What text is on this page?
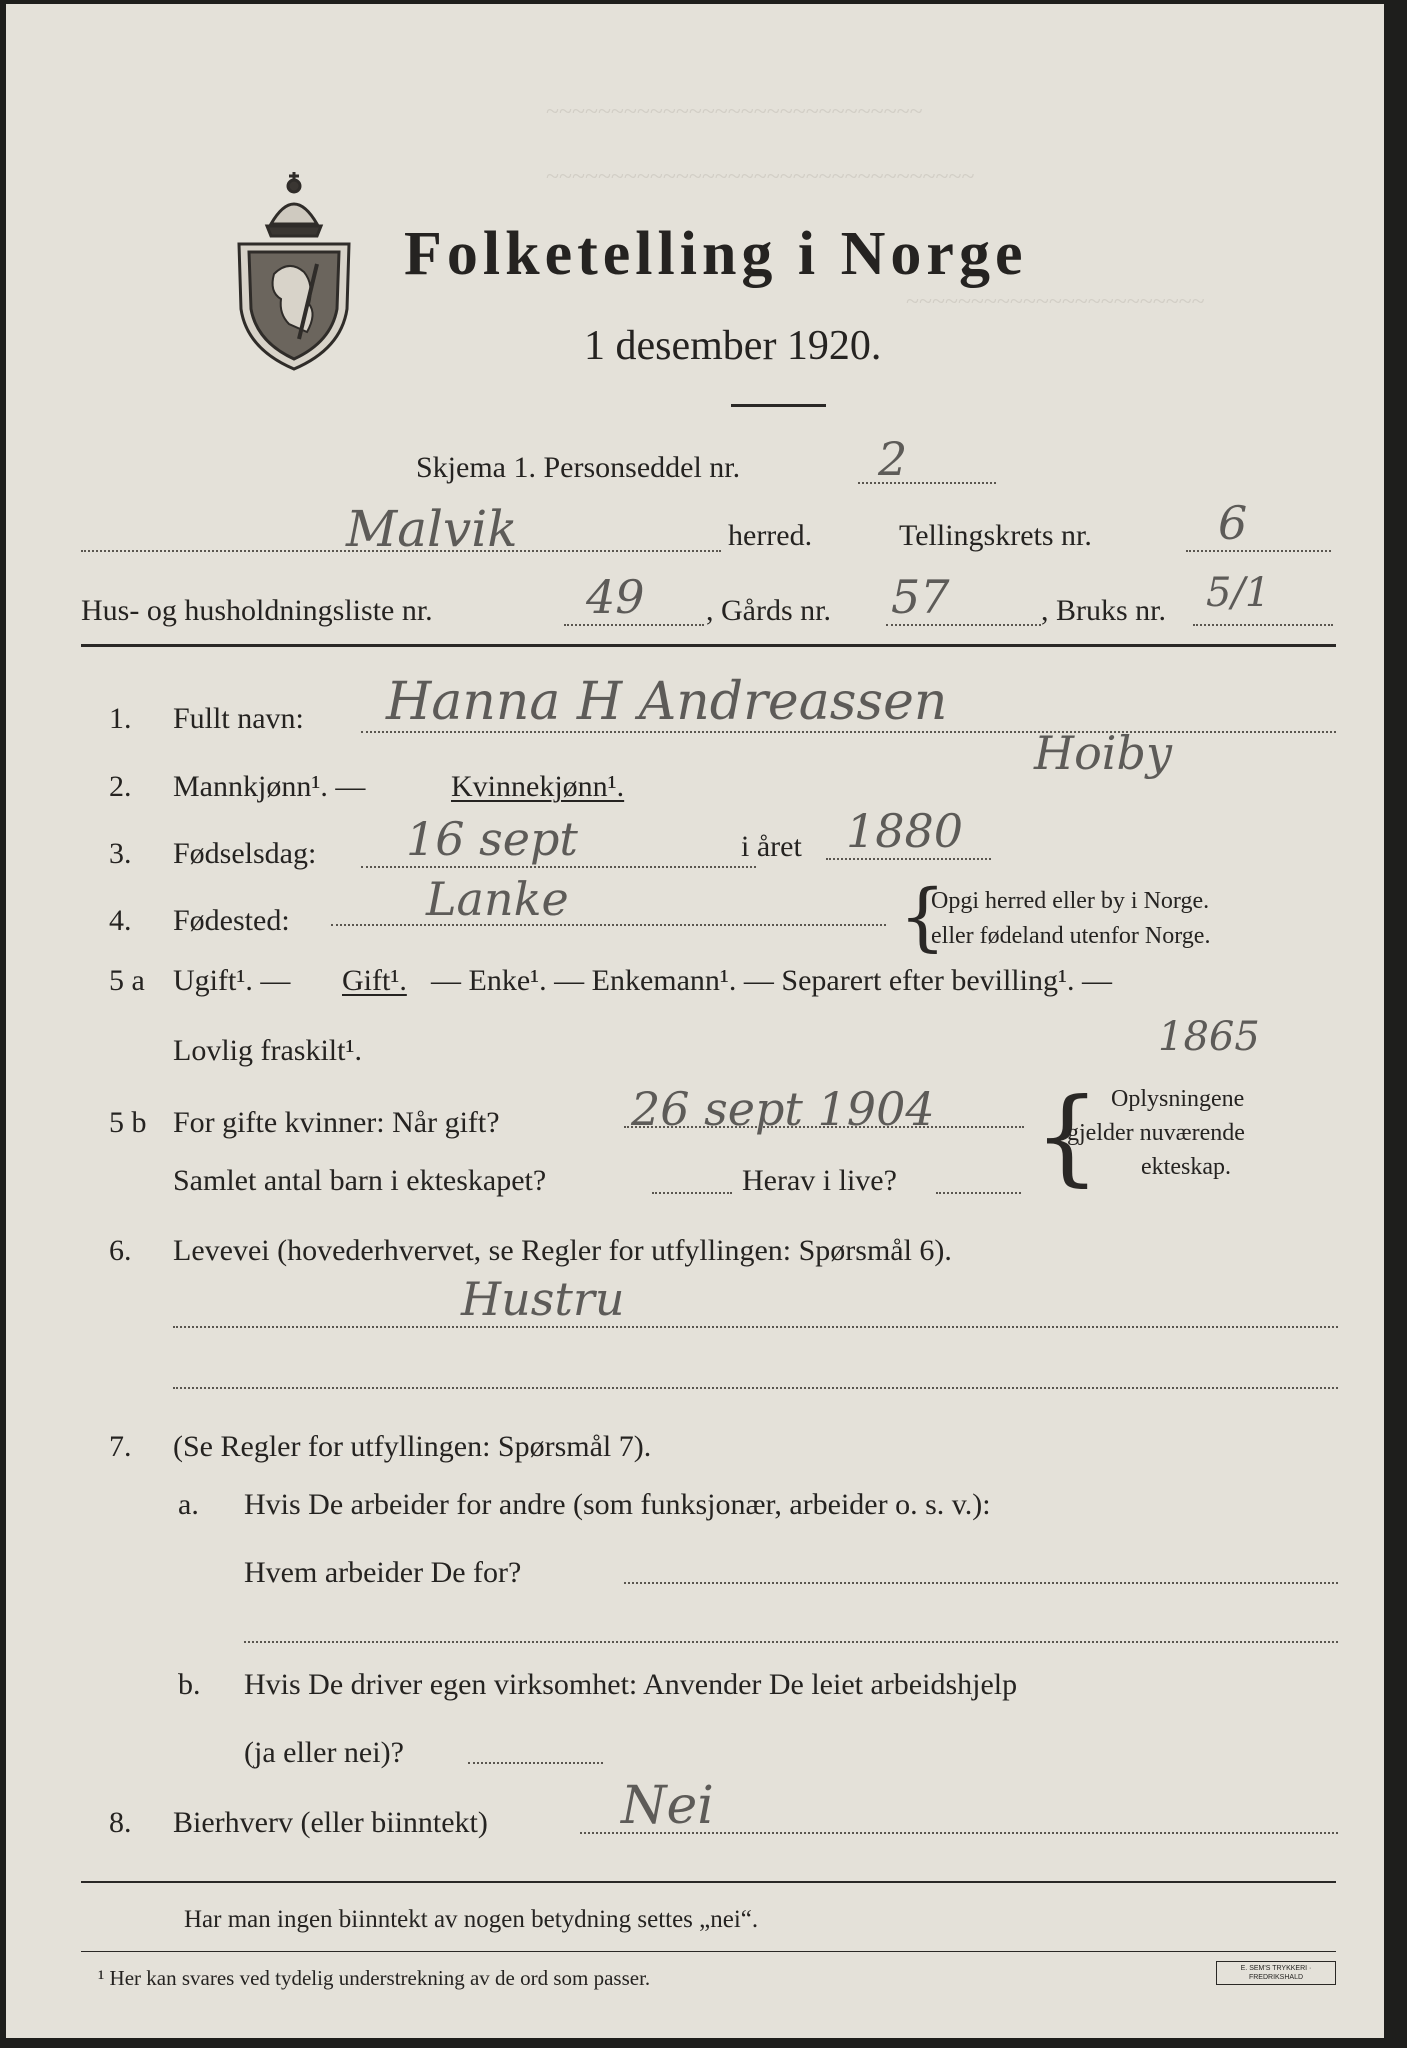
~~~~~~~~~~~~~~~~~~~~~~~~~~~~~
~~~~~~~~~~~~~~~~~~~~~~~~~~~~~~~~~
~~~~~~~~~~~~~~~~~~~~~~~
Folketelling i Norge
1 desember 1920.
Skjema 1. Personseddel nr.	2
Malvik	herred.	Tellingskrets nr.	6
Hus- og husholdningsliste nr.	49 , Gårds nr. 57	, Bruks nr. 5/1
1. Fullt navn: Hanna H Andreassen
Hoiby
2. Mannkjønn¹. —	Kvinnekjønn¹.
3. Fødselsdag: 16 sept	i året 1880
4. Fødested:	Lanke	{
Opgi herred eller by i Norge.
eller fødeland utenfor Norge.
5 a Ugift¹. — Gift¹. — Enke¹. — Enkemann¹. — Separert efter bevilling¹. —
Lovlig fraskilt¹.	1865
5 b For gifte kvinner: Når gift?	26 sept 1904 { Oplysningene
gjelder nuværende
ekteskap.
Samlet antal barn i ekteskapet?	Herav i live?
6. Levevei (hovederhvervet, se Regler for utfyllingen: Spørsmål 6).
Hustru
7. (Se Regler for utfyllingen: Spørsmål 7).
a. Hvis De arbeider for andre (som funksjonær, arbeider o. s. v.):
Hvem arbeider De for?
b. Hvis De driver egen virksomhet: Anvender De leiet arbeidshjelp
(ja eller nei)?
8. Bierhverv (eller biinntekt)	Nei
Har man ingen biinntekt av nogen betydning settes „nei“.
¹ Her kan svares ved tydelig understrekning av de ord som passer.	E. SEM'S TRYKKERI · FREDRIKSHALD
